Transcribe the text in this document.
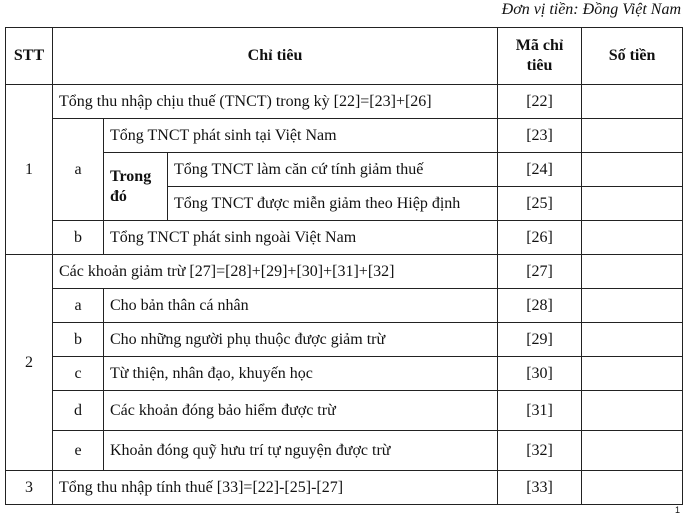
Đơn vị tiền: Đồng Việt Nam
STT	Chỉ tiêu			Mã chỉ tiêu	Số tiền
1	Tổng thu nhập chịu thuế (TNCT) trong kỳ [22]=[23]+[26]			[22]	
	a	Tổng TNCT phát sinh tại Việt Nam		[23]	
		Trong đó	Tổng TNCT làm căn cứ tính giảm thuế	[24]	
			Tổng TNCT được miễn giảm theo Hiệp định	[25]	
	b	Tổng TNCT phát sinh ngoài Việt Nam		[26]	
2	Các khoản giảm trừ [27]=[28]+[29]+[30]+[31]+[32]			[27]	
	a	Cho bản thân cá nhân		[28]	
	b	Cho những người phụ thuộc được giảm trừ		[29]	
	c	Từ thiện, nhân đạo, khuyến học		[30]	
	d	Các khoản đóng bảo hiểm được trừ		[31]	
	e	Khoản đóng quỹ hưu trí tự nguyện được trừ		[32]	
3	Tổng thu nhập tính thuế [33]=[22]-[25]-[27]			[33]	
1
